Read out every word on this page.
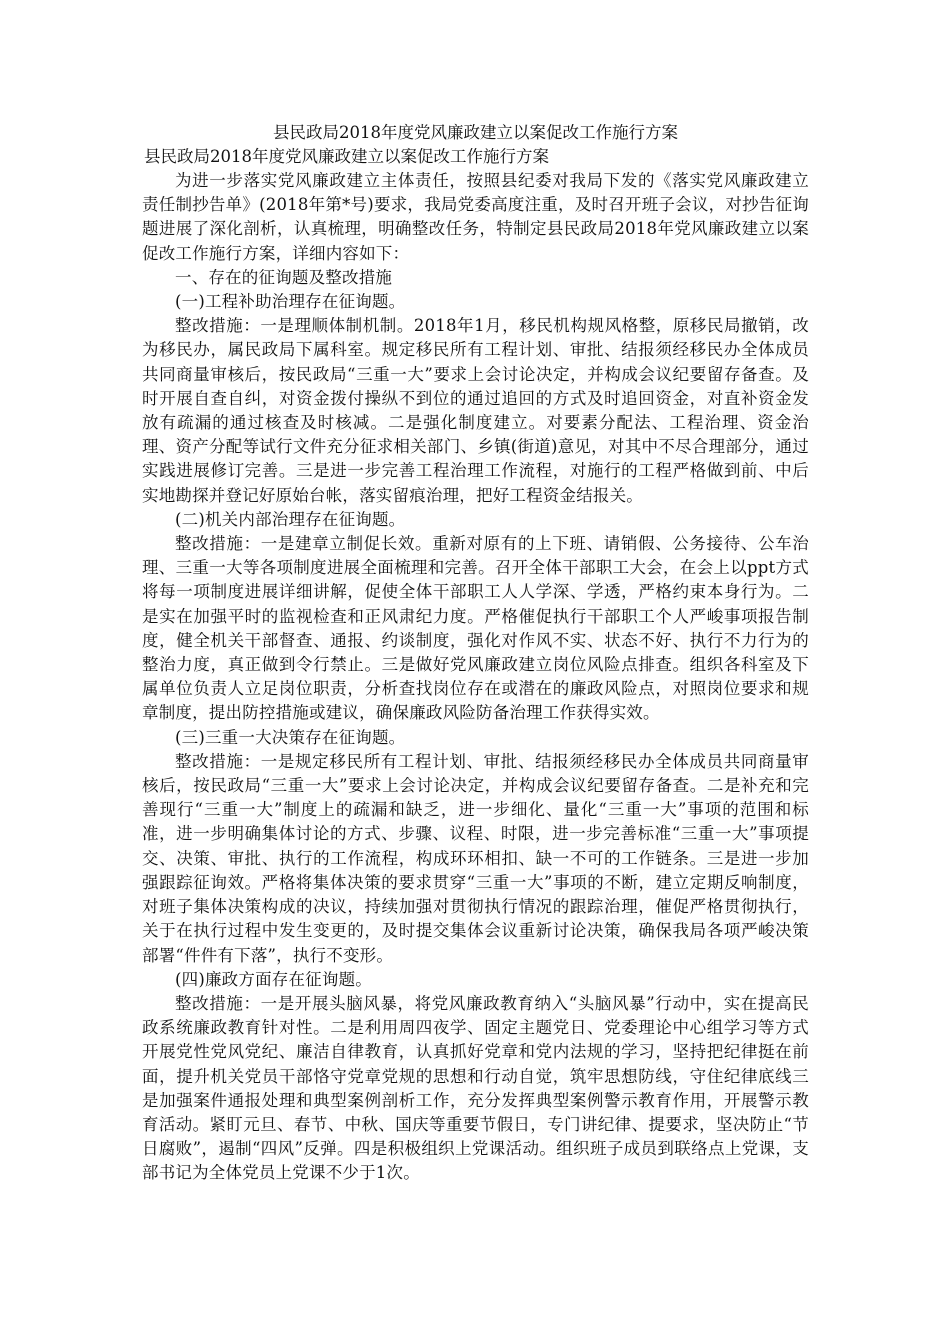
县民政局2018年度党风廉政建立以案促改工作施行方案
县民政局2018年度党风廉政建立以案促改工作施行方案

为进一步落实党风廉政建立主体责任，按照县纪委对我局下发的《落实党风廉政建立责任制抄告单》(2018年第*号)要求，我局党委高度注重，及时召开班子会议，对抄告征询题进展了深化剖析，认真梳理，明确整改任务，特制定县民政局2018年党风廉政建立以案促改工作施行方案，详细内容如下：

一、存在的征询题及整改措施

(一)工程补助治理存在征询题。

整改措施：一是理顺体制机制。2018年1月，移民机构规风格整，原移民局撤销，改为移民办，属民政局下属科室。规定移民所有工程计划、审批、结报须经移民办全体成员共同商量审核后，按民政局“三重一大”要求上会讨论决定，并构成会议纪要留存备查。及时开展自查自纠，对资金拨付操纵不到位的通过追回的方式及时追回资金，对直补资金发放有疏漏的通过核查及时核减。二是强化制度建立。对要素分配法、工程治理、资金治理、资产分配等试行文件充分征求相关部门、乡镇(街道)意见，对其中不尽合理部分，通过实践进展修订完善。三是进一步完善工程治理工作流程，对施行的工程严格做到前、中后实地勘探并登记好原始台帐，落实留痕治理，把好工程资金结报关。

(二)机关内部治理存在征询题。

整改措施：一是建章立制促长效。重新对原有的上下班、请销假、公务接待、公车治理、三重一大等各项制度进展全面梳理和完善。召开全体干部职工大会，在会上以ppt方式将每一项制度进展详细讲解，促使全体干部职工人人学深、学透，严格约束本身行为。二是实在加强平时的监视检查和正风肃纪力度。严格催促执行干部职工个人严峻事项报告制度，健全机关干部督查、通报、约谈制度，强化对作风不实、状态不好、执行不力行为的整治力度，真正做到令行禁止。三是做好党风廉政建立岗位风险点排查。组织各科室及下属单位负责人立足岗位职责，分析查找岗位存在或潜在的廉政风险点，对照岗位要求和规章制度，提出防控措施或建议，确保廉政风险防备治理工作获得实效。

(三)三重一大决策存在征询题。

整改措施：一是规定移民所有工程计划、审批、结报须经移民办全体成员共同商量审核后，按民政局“三重一大”要求上会讨论决定，并构成会议纪要留存备查。二是补充和完善现行“三重一大”制度上的疏漏和缺乏，进一步细化、量化“三重一大”事项的范围和标准，进一步明确集体讨论的方式、步骤、议程、时限，进一步完善标准“三重一大”事项提交、决策、审批、执行的工作流程，构成环环相扣、缺一不可的工作链条。三是进一步加强跟踪征询效。严格将集体决策的要求贯穿“三重一大”事项的不断，建立定期反响制度，对班子集体决策构成的决议，持续加强对贯彻执行情况的跟踪治理，催促严格贯彻执行，关于在执行过程中发生变更的，及时提交集体会议重新讨论决策，确保我局各项严峻决策部署“件件有下落”，执行不变形。

(四)廉政方面存在征询题。

整改措施：一是开展头脑风暴，将党风廉政教育纳入“头脑风暴”行动中，实在提高民政系统廉政教育针对性。二是利用周四夜学、固定主题党日、党委理论中心组学习等方式开展党性党风党纪、廉洁自律教育，认真抓好党章和党内法规的学习，坚持把纪律挺在前面，提升机关党员干部恪守党章党规的思想和行动自觉，筑牢思想防线，守住纪律底线三是加强案件通报处理和典型案例剖析工作，充分发挥典型案例警示教育作用，开展警示教育活动。紧盯元旦、春节、中秋、国庆等重要节假日，专门讲纪律、提要求，坚决防止“节日腐败”，遏制“四风”反弹。四是积极组织上党课活动。组织班子成员到联络点上党课，支部书记为全体党员上党课不少于1次。
